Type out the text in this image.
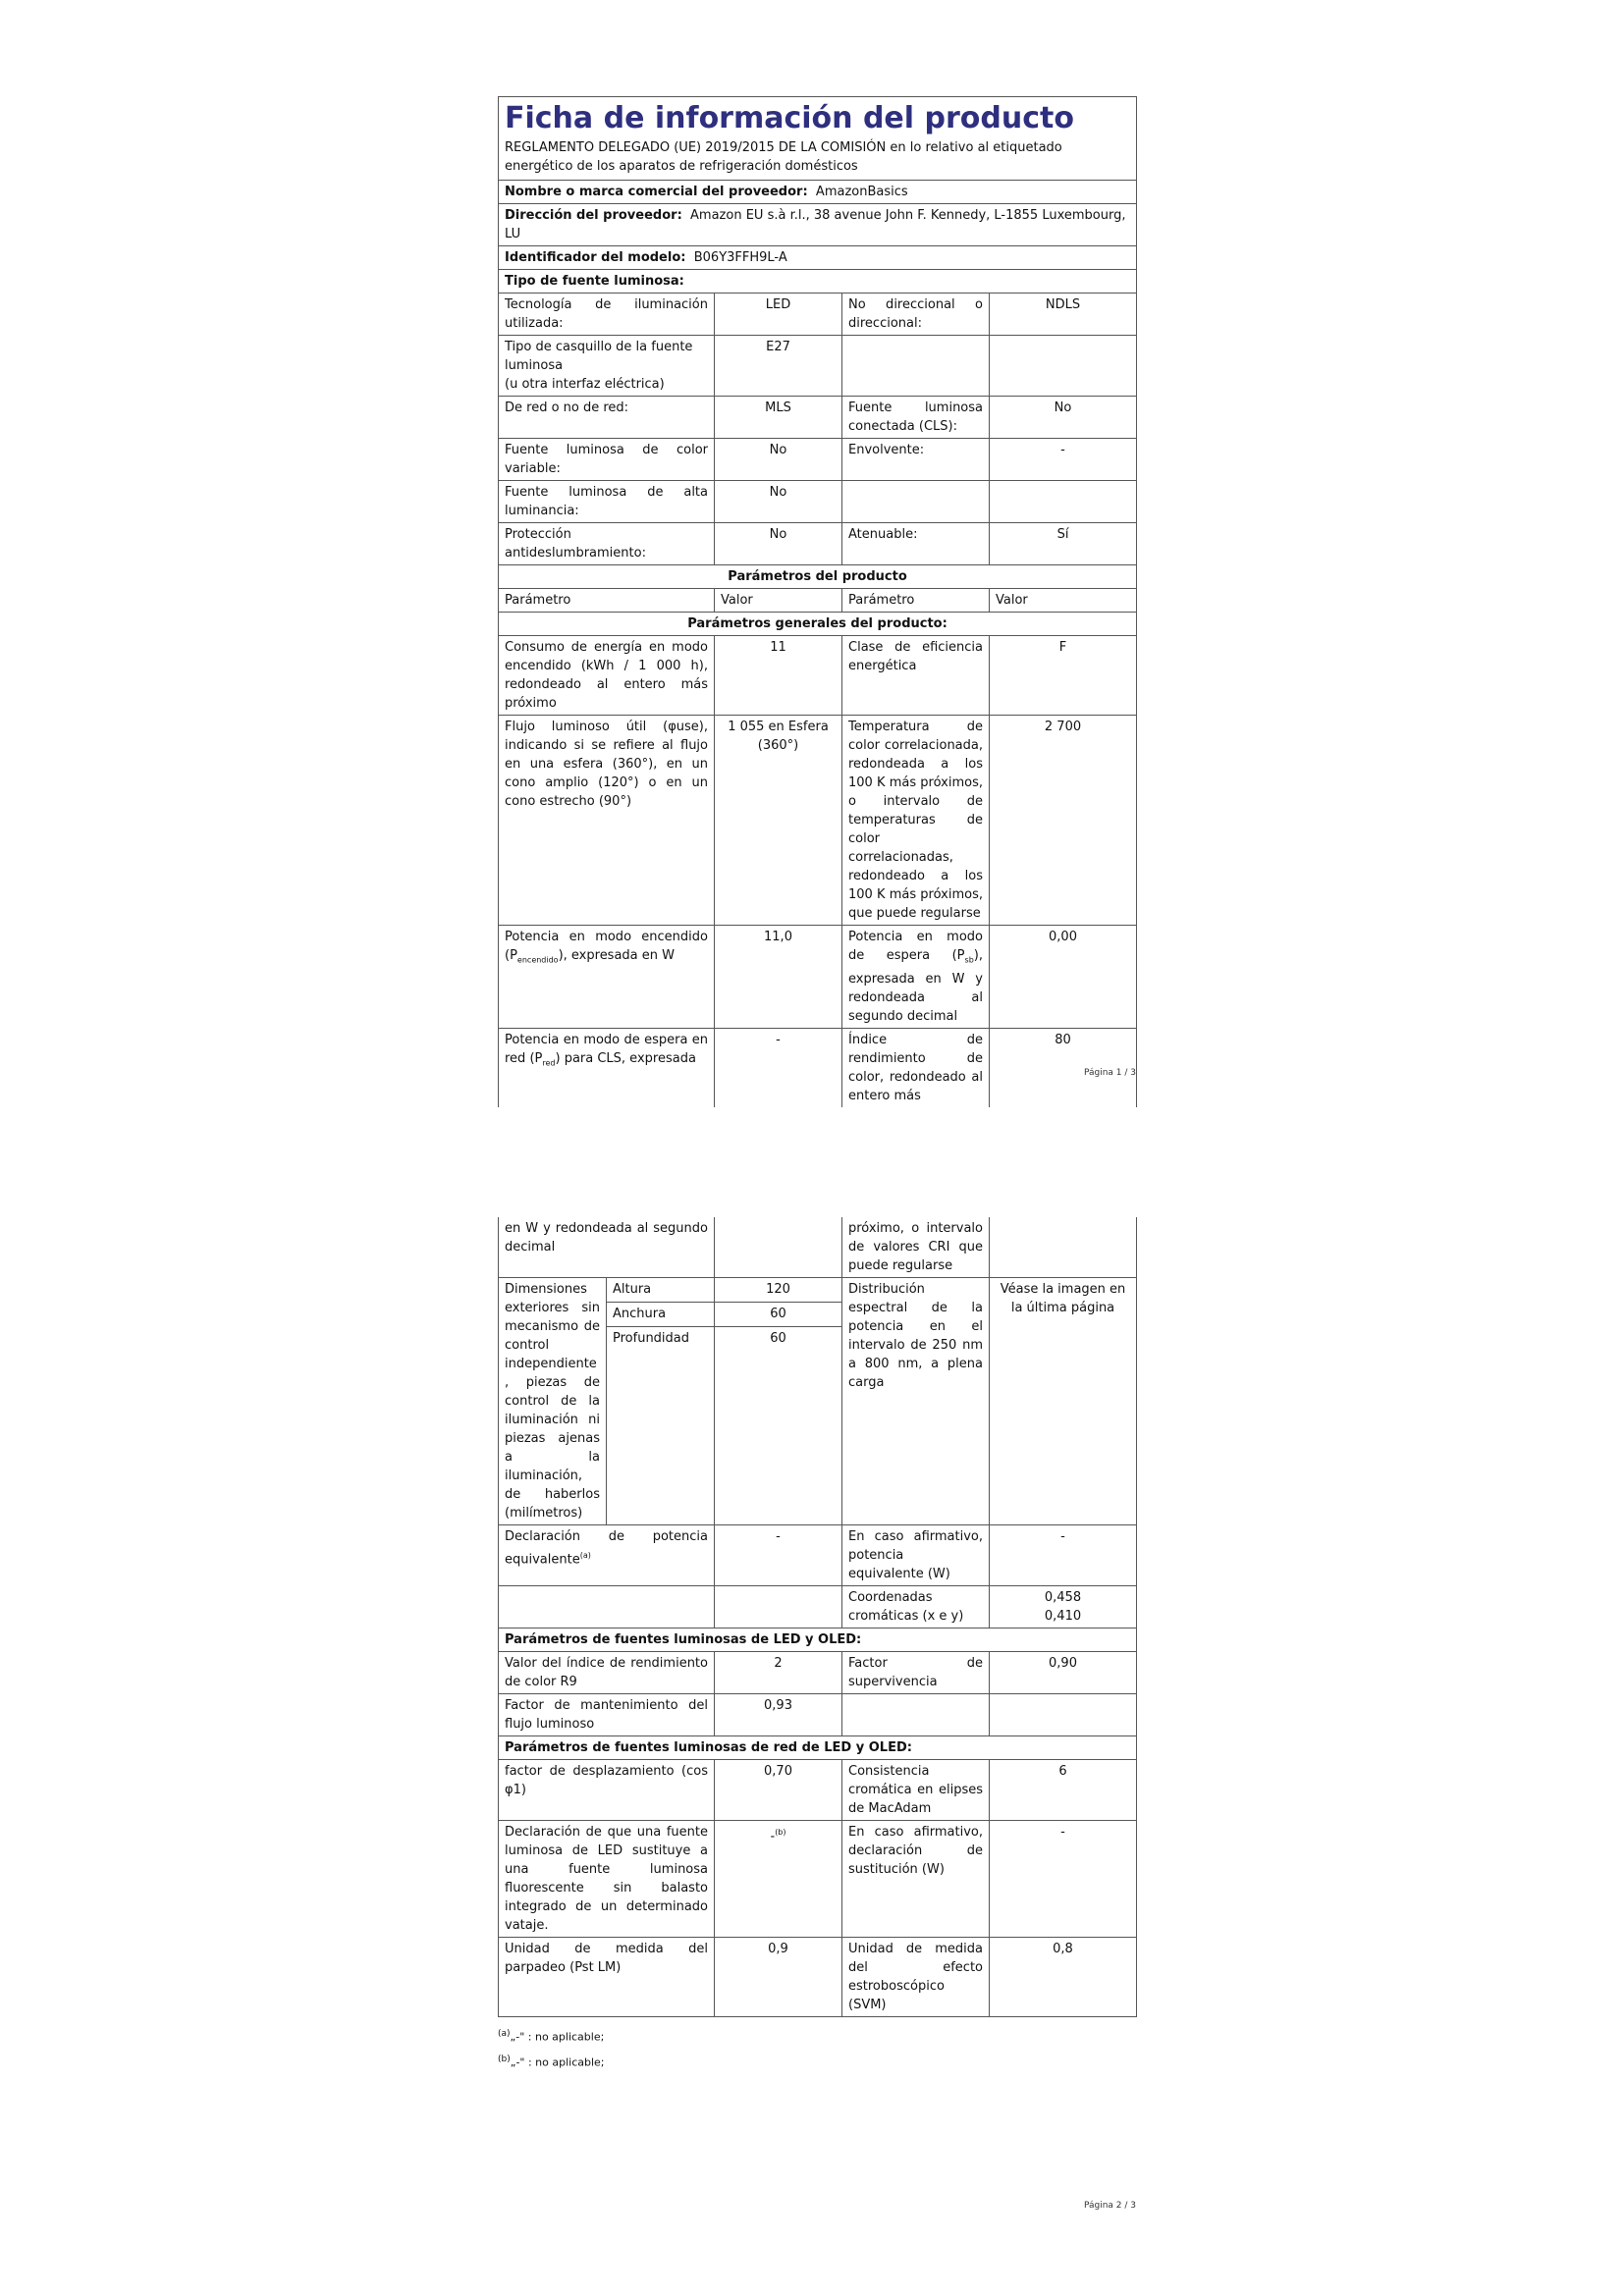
Ficha de información del producto
REGLAMENTO DELEGADO (UE) 2019/2015 DE LA COMISIÓN en lo relativo al etiquetado energético de los aparatos de refrigeración domésticos			

Nombre o marca comercial del proveedor: AmazonBasics			
Dirección del proveedor: Amazon EU s.à r.l., 38 avenue John F. Kennedy, L-1855 Luxembourg, LU			
Identificador del modelo: B06Y3FFH9L-A			
Tipo de fuente luminosa:			
Tecnología de iluminación utilizada:	LED	No direccional o direccional:	NDLS
Tipo de casquillo de la fuente luminosa
(u otra interfaz eléctrica)	E27		
De red o no de red:	MLS	Fuente luminosa conectada (CLS):	No
Fuente luminosa de color variable:	No	Envolvente:	-
Fuente luminosa de alta luminancia:	No		
Protección antideslumbramiento:	No	Atenuable:	Sí
Parámetros del producto			
Parámetro	Valor	Parámetro	Valor
Parámetros generales del producto:			
Consumo de energía en modo encendido (kWh / 1 000 h), redondeado al entero más próximo	11	Clase de eficiencia energética	F
Flujo luminoso útil (φuse), indicando si se refiere al flujo en una esfera (360°), en un cono amplio (120°) o en un cono estrecho (90°)	1 055 en Esfera (360°)	Temperatura de color correlacionada, redondeada a los 100 K más próximos, o intervalo de temperaturas de color correlacionadas, redondeado a los 100 K más próximos, que puede regularse	2 700
Potencia en modo encendido $(P_{encendido})$, expresada en W	11,0	Potencia en modo de espera $(P_{sb})$, expresada en W y redondeada al segundo decimal	0,00
Potencia en modo de espera en red $(P_{red})$ para CLS, expresada	-	Índice de rendimiento de color, redondeado al entero más	80
Página 1 / 3
en W y redondeada al segundo decimal			próximo, o intervalo de valores CRI que puede regularse	
Dimensiones exteriores sin mecanismo de control independiente, piezas de control de la iluminación ni piezas ajenas a la iluminación, de haberlos (milímetros)	Altura	120	Distribución espectral de la potencia en el intervalo de 250 nm a 800 nm, a plena carga	Véase la imagen en la última página
	Anchura	60		
	Profundidad	60		
Declaración de potencia equivalente$^{(a)}$		-	En caso afirmativo, potencia equivalente (W)	-
			Coordenadas cromáticas (x e y)	0,458
0,410
Parámetros de fuentes luminosas de LED y OLED:				
Valor del índice de rendimiento de color R9		2	Factor de supervivencia	0,90
Factor de mantenimiento del flujo luminoso		0,93		
Parámetros de fuentes luminosas de red de LED y OLED:				
factor de desplazamiento (cos φ1)		0,70	Consistencia cromática en elipses de MacAdam	6
Declaración de que una fuente luminosa de LED sustituye a una fuente luminosa fluorescente sin balasto integrado de un determinado vataje.		-$^{(b)}$	En caso afirmativo, declaración de sustitución (W)	-
Unidad de medida del parpadeo (Pst LM)		0,9	Unidad de medida del efecto estroboscópico (SVM)	0,8
$^{(a)}$„-" : no aplicable;
$^{(b)}$„-" : no aplicable;
Página 2 / 3
